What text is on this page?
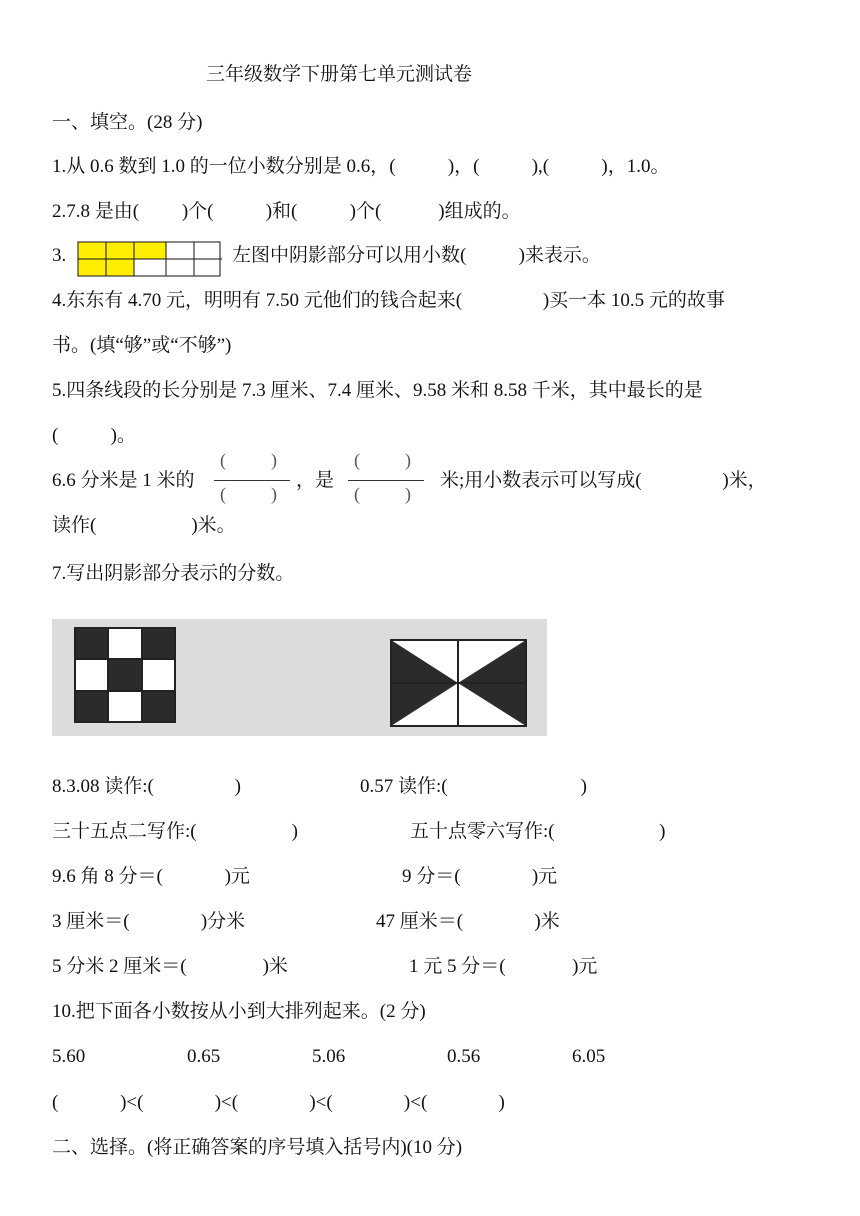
三年级数学下册第七单元测试卷
一、填空。(28 分)
1.从 0.6 数到 1.0 的一位小数分别是 0.6，(           )，(           ),(           )，1.0。
2.7.8 是由(         )个(           )和(           )个(            )组成的。
3.	左图中阴影部分可以用小数(           )来表示。
4.东东有 4.70 元，明明有 7.50 元他们的钱合起来(                 )买一本 10.5 元的故事
书。(填“够”或“不够”)
5.四条线段的长分别是 7.3 厘米、7.4 厘米、9.58 米和 8.58 千米，其中最长的是
(           )。
6.6 分米是 1 米的
(          )
(          )
，是
(          )
(          )
米;用小数表示可以写成(                 )米，
读作(                    )米。
7.写出阴影部分表示的分数。
8.3.08 读作:(                 )	0.57 读作:(                            )
三十五点二写作:(                    )	五十点零六写作:(                      )
9.6 角 8 分＝(             )元	9 分＝(               )元
3 厘米＝(               )分米	47 厘米＝(               )米
5 分米 2 厘米＝(                )米	1 元 5 分＝(              )元
10.把下面各小数按从小到大排列起来。(2 分)
5.60	0.65	5.06	0.56	6.05
(             )<(               )<(               )<(               )<(               )
二、选择。(将正确答案的序号填入括号内)(10 分)
